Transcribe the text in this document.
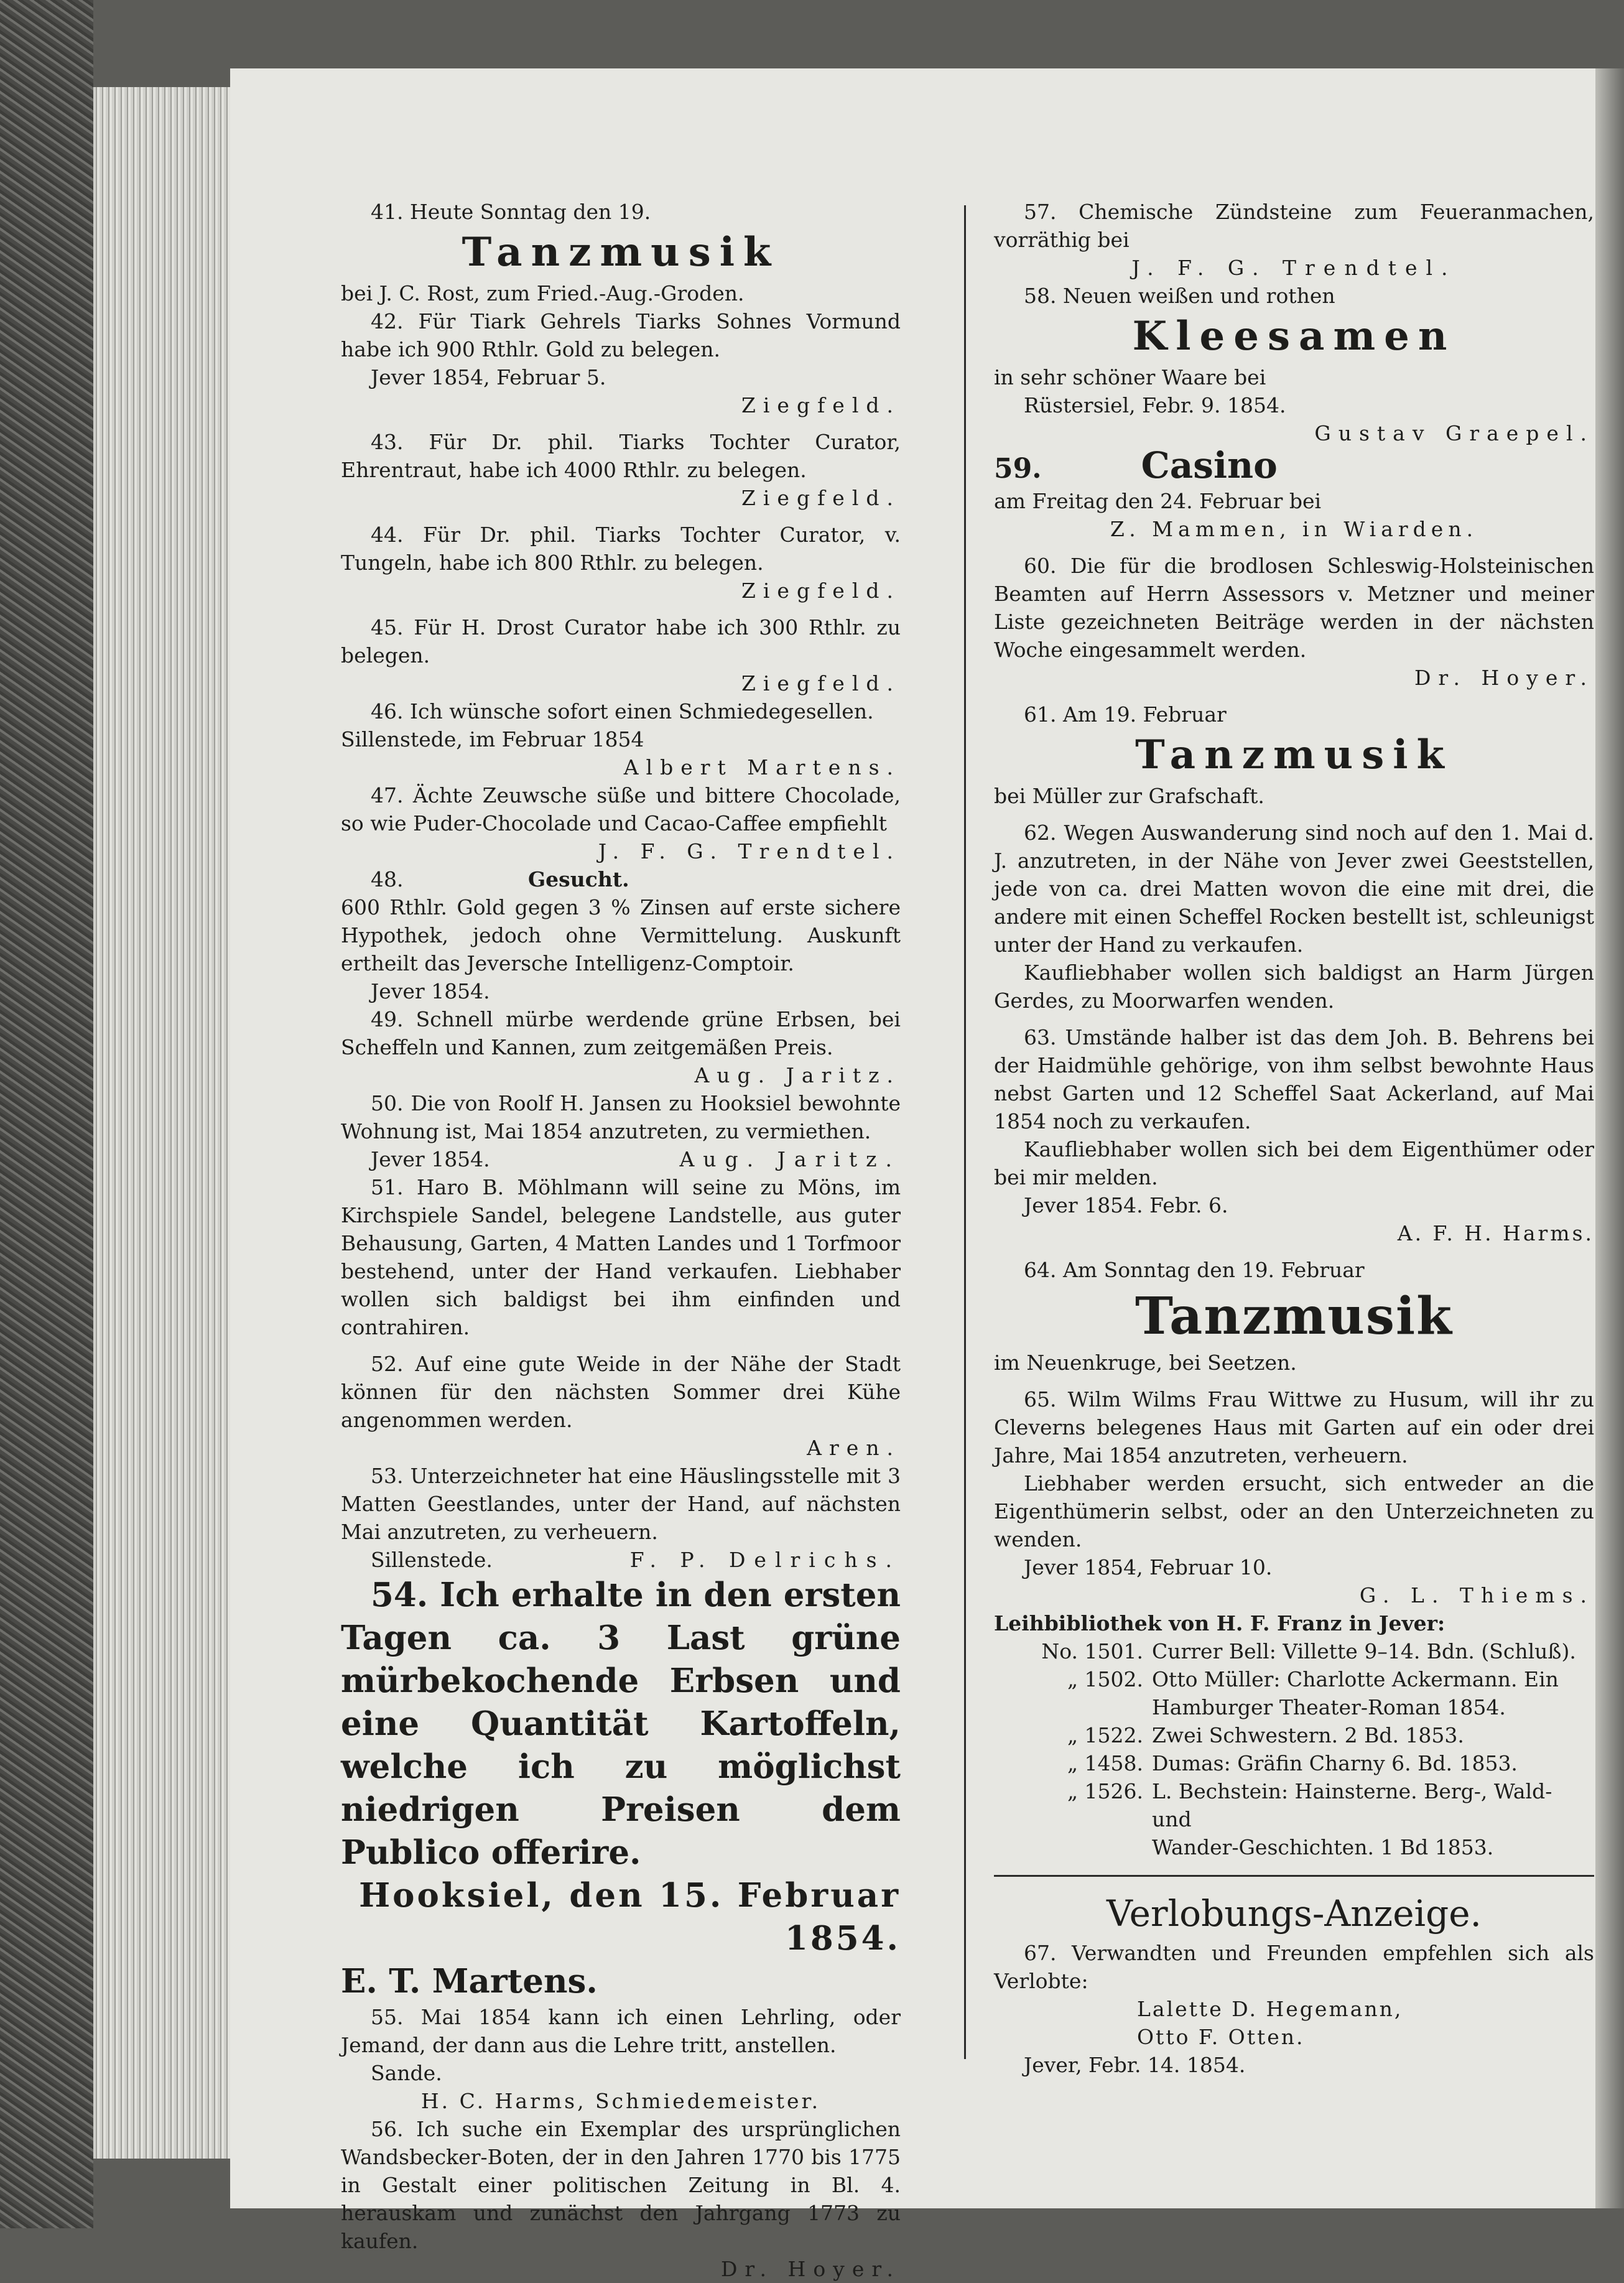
41. Heute Sonntag den 19.

Tanzmusik

bei J. C. Rost, zum Fried.-Aug.-Groden.

42. Für Tiark Gehrels Tiarks Sohnes Vormund habe ich 900 Rthlr. Gold zu belegen.

Jever 1854, Februar 5.

Ziegfeld.

43. Für Dr. phil. Tiarks Tochter Curator, Ehrentraut, habe ich 4000 Rthlr. zu belegen.

Ziegfeld.

44. Für Dr. phil. Tiarks Tochter Curator, v. Tungeln, habe ich 800 Rthlr. zu belegen.

Ziegfeld.

45. Für H. Drost Curator habe ich 300 Rthlr. zu belegen.

Ziegfeld.

46. Ich wünsche sofort einen Schmiedegesellen.

Sillenstede, im Februar 1854

Albert Martens.

47. Ächte Zeuwsche süße und bittere Chocolade, so wie Puder-Chocolade und Cacao-Caffee empfiehlt

J. F. G. Trendtel.

48.	Gesucht.

600 Rthlr. Gold gegen 3 % Zinsen auf erste sichere Hypothek, jedoch ohne Vermittelung. Auskunft ertheilt das Jeversche Intelligenz-Comptoir.

Jever 1854.

49. Schnell mürbe werdende grüne Erbsen, bei Scheffeln und Kannen, zum zeitgemäßen Preis.

Aug. Jaritz.

50. Die von Roolf H. Jansen zu Hooksiel bewohnte Wohnung ist, Mai 1854 anzutreten, zu vermiethen.

Jever 1854.	Aug. Jaritz.

51. Haro B. Möhlmann will seine zu Möns, im Kirchspiele Sandel, belegene Landstelle, aus guter Behausung, Garten, 4 Matten Landes und 1 Torfmoor bestehend, unter der Hand verkaufen. Liebhaber wollen sich baldigst bei ihm einfinden und contrahiren.

52. Auf eine gute Weide in der Nähe der Stadt können für den nächsten Sommer drei Kühe angenommen werden.

Aren.

53. Unterzeichneter hat eine Häuslingsstelle mit 3 Matten Geestlandes, unter der Hand, auf nächsten Mai anzutreten, zu verheuern.

Sillenstede.	F. P. Delrichs.

54. Ich erhalte in den ersten Tagen ca. 3 Last grüne mürbekochende Erbsen und eine Quantität Kartoffeln, welche ich zu möglichst niedrigen Preisen dem Publico offerire.

Hooksiel, den 15. Februar 1854.

E. T. Martens.

55. Mai 1854 kann ich einen Lehrling, oder Jemand, der dann aus die Lehre tritt, anstellen.

Sande.

H. C. Harms, Schmiedemeister.

56. Ich suche ein Exemplar des ursprünglichen Wandsbecker-Boten, der in den Jahren 1770 bis 1775 in Gestalt einer politischen Zeitung in Bl. 4. herauskam und zunächst den Jahrgang 1773 zu kaufen.

Dr. Hoyer.

57. Chemische Zündsteine zum Feueranmachen, vorräthig bei

J. F. G. Trendtel.

58. Neuen weißen und rothen

Kleesamen

in sehr schöner Waare bei

Rüstersiel, Febr. 9. 1854.

Gustav Graepel.

59.	Casino

am Freitag den 24. Februar bei

Z. Mammen, in Wiarden.

60. Die für die brodlosen Schleswig-Holsteinischen Beamten auf Herrn Assessors v. Metzner und meiner Liste gezeichneten Beiträge werden in der nächsten Woche eingesammelt werden.

Dr. Hoyer.

61. Am 19. Februar

Tanzmusik

bei Müller zur Grafschaft.

62. Wegen Auswanderung sind noch auf den 1. Mai d. J. anzutreten, in der Nähe von Jever zwei Geeststellen, jede von ca. drei Matten wovon die eine mit drei, die andere mit einen Scheffel Rocken bestellt ist, schleunigst unter der Hand zu verkaufen.

Kaufliebhaber wollen sich baldigst an Harm Jürgen Gerdes, zu Moorwarfen wenden.

63. Umstände halber ist das dem Joh. B. Behrens bei der Haidmühle gehörige, von ihm selbst bewohnte Haus nebst Garten und 12 Scheffel Saat Ackerland, auf Mai 1854 noch zu verkaufen.

Kaufliebhaber wollen sich bei dem Eigenthümer oder bei mir melden.

Jever 1854. Febr. 6.

A. F. H. Harms.

64. Am Sonntag den 19. Februar

Tanzmusik

im Neuenkruge, bei Seetzen.

65. Wilm Wilms Frau Wittwe zu Husum, will ihr zu Cleverns belegenes Haus mit Garten auf ein oder drei Jahre, Mai 1854 anzutreten, verheuern.

Liebhaber werden ersucht, sich entweder an die Eigenthümerin selbst, oder an den Unterzeichneten zu wenden.

Jever 1854, Februar 10.

G. L. Thiems.

Leihbibliothek von H. F. Franz in Jever:

No. 1501. Currer Bell: Villette 9–14. Bdn. (Schluß).
„ 1502. Otto Müller: Charlotte Ackermann. Ein

Hamburger Theater-Roman 1854.

„ 1522. Zwei Schwestern. 2 Bd. 1853.
„ 1458. Dumas: Gräfin Charny 6. Bd. 1853.
„ 1526. L. Bechstein: Hainsterne. Berg-, Wald- und

Wander-Geschichten. 1 Bd 1853.

Verlobungs-Anzeige.

67. Verwandten und Freunden empfehlen sich als Verlobte:

Lalette D. Hegemann,

Otto F. Otten.

Jever, Febr. 14. 1854.
